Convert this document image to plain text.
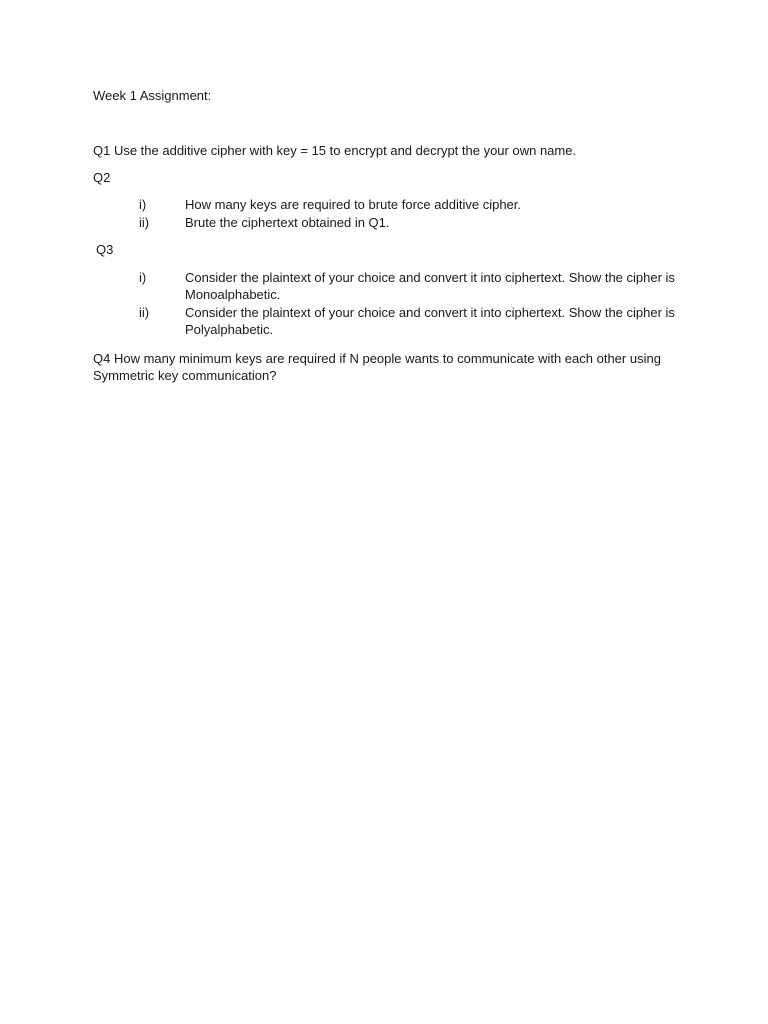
Week 1 Assignment:
Q1 Use the additive cipher with key = 15 to encrypt and decrypt the your own name.
Q2
i)	How many keys are required to brute force additive cipher.
ii)	Brute the ciphertext obtained in Q1.
Q3
i)	Consider the plaintext of your choice and convert it into ciphertext. Show the cipher is Monoalphabetic.
ii)	Consider the plaintext of your choice and convert it into ciphertext. Show the cipher is Polyalphabetic.
Q4 How many minimum keys are required if N people wants to communicate with each other using Symmetric key communication?
